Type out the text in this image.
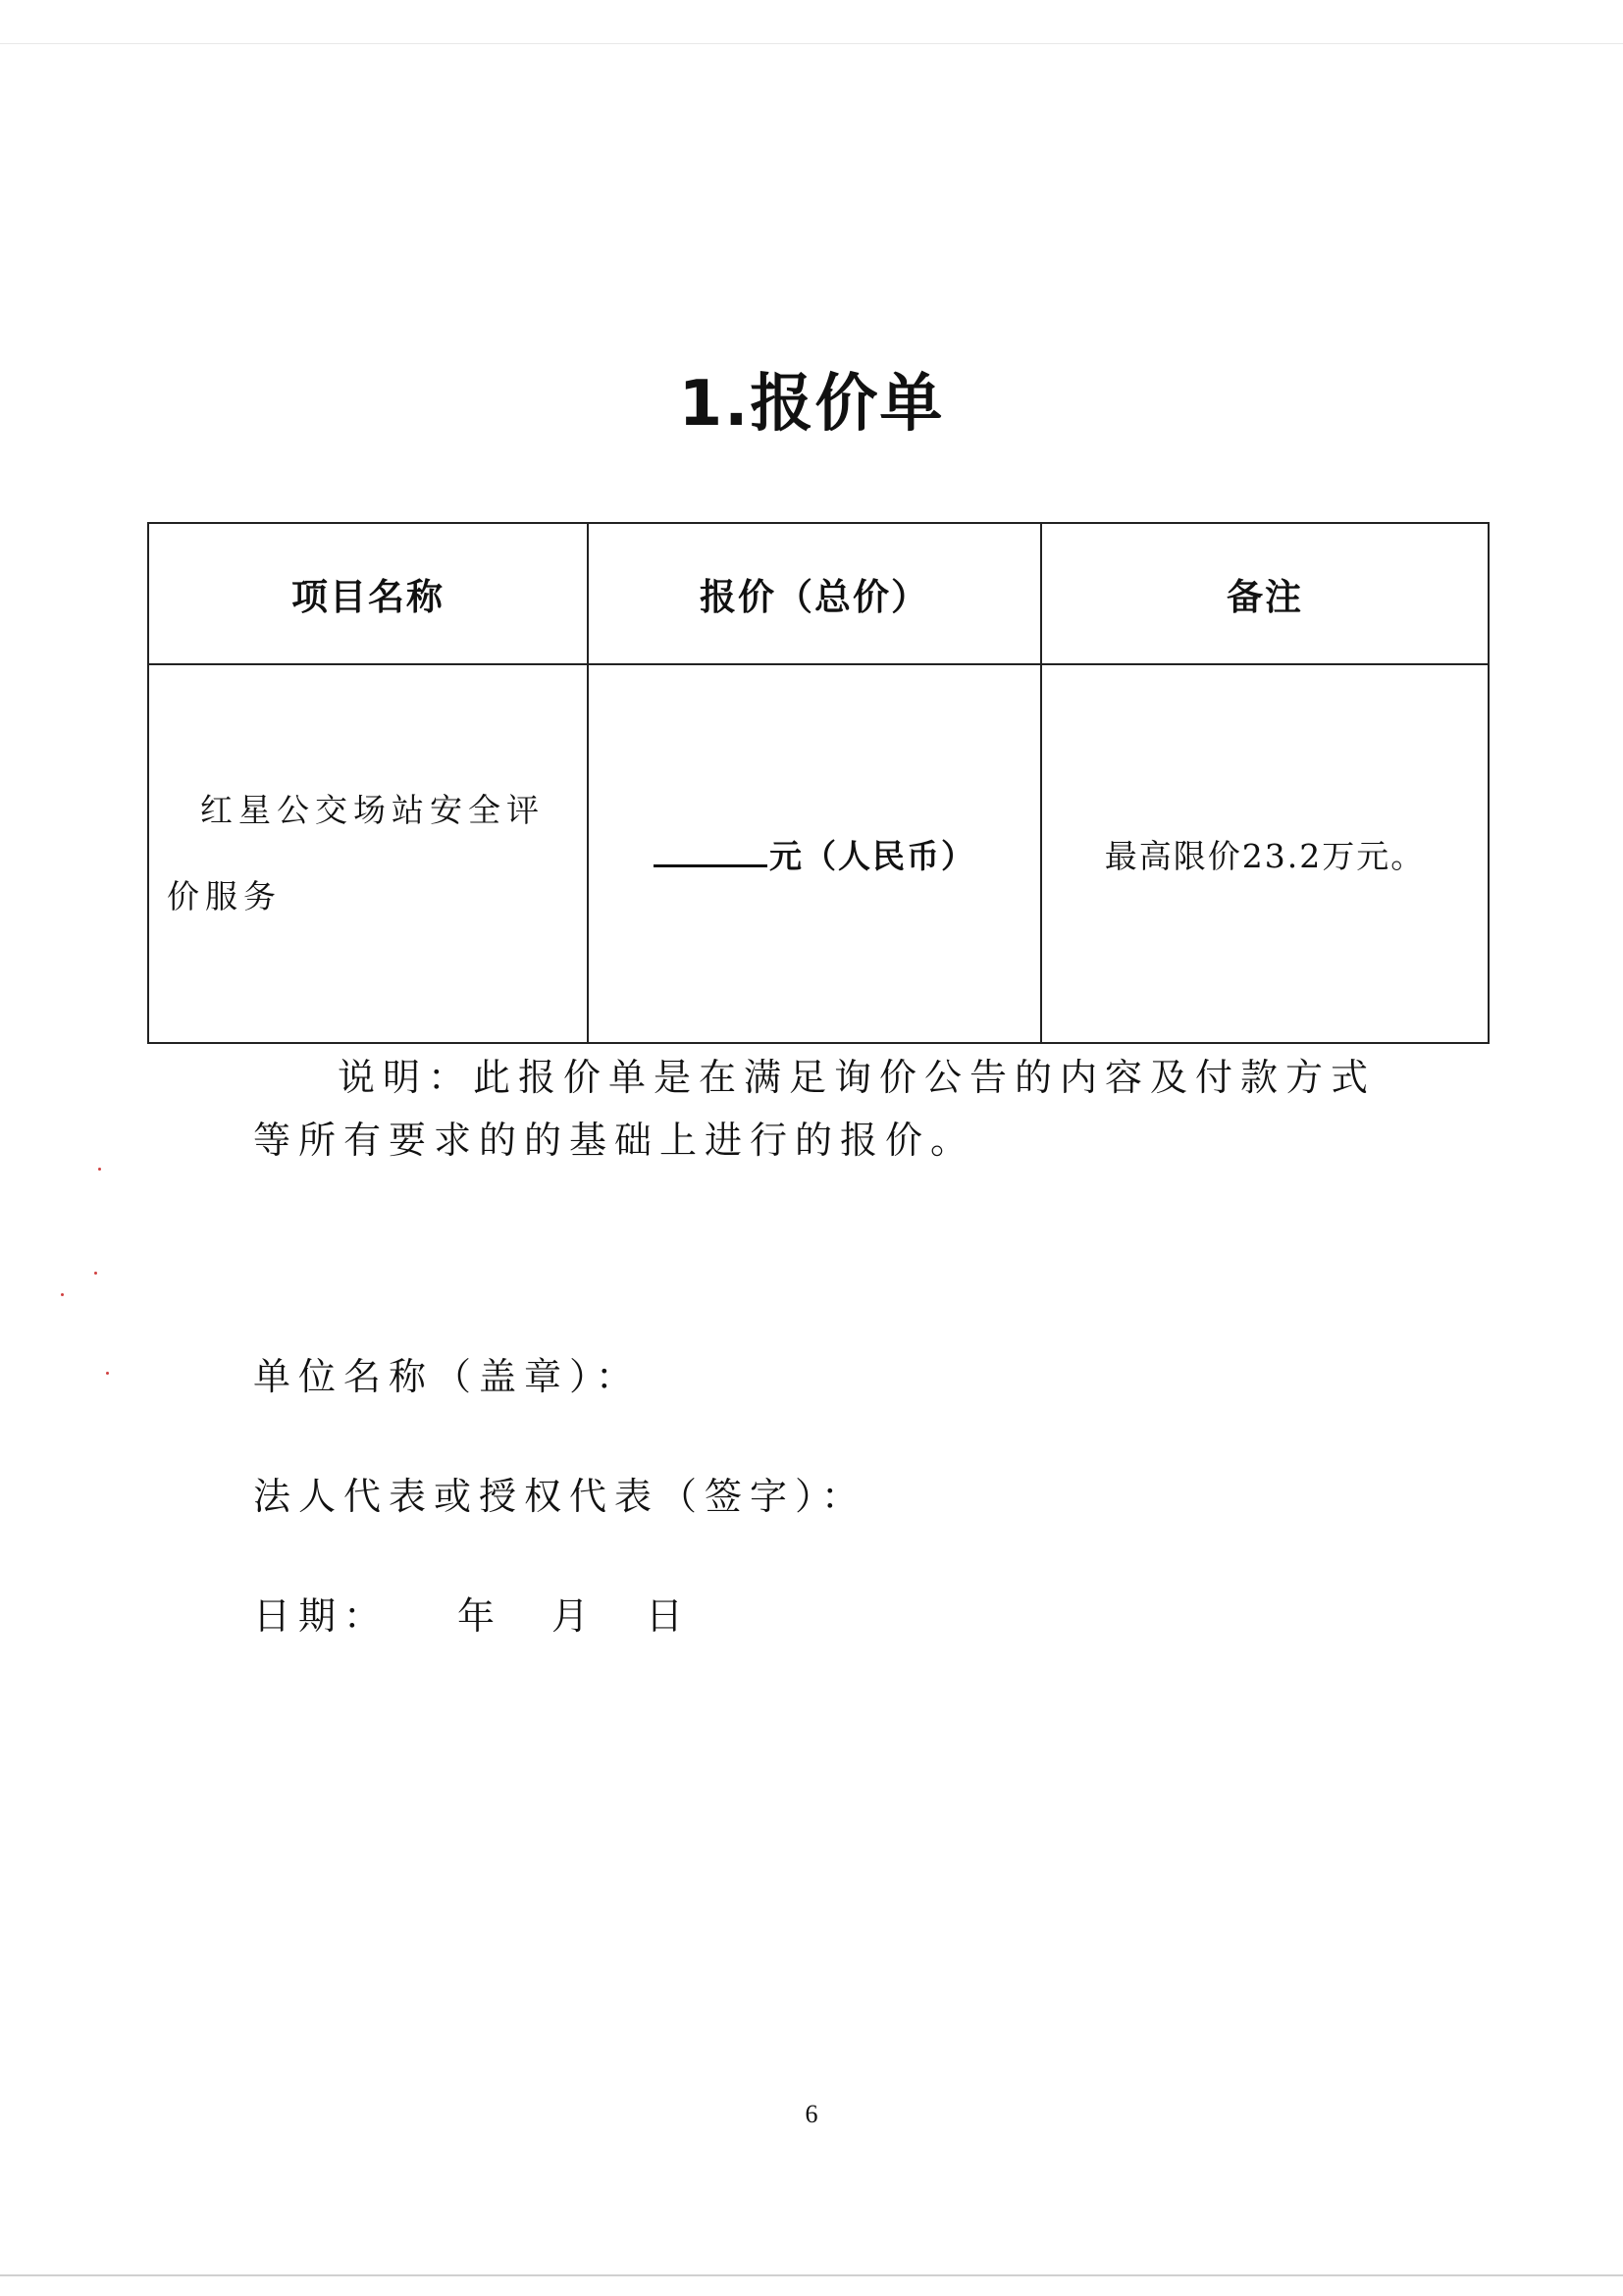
1.报价单
项目名称	报价（总价）	备注
红星公交场站安全评价服务	元（人民币）	最高限价23.2万元。

说明：此报价单是在满足询价公告的内容及付款方式等所有要求的的基础上进行的报价。

单位名称（盖章）：

法人代表或授权代表（签字）：

日期： 年 月 日

6
